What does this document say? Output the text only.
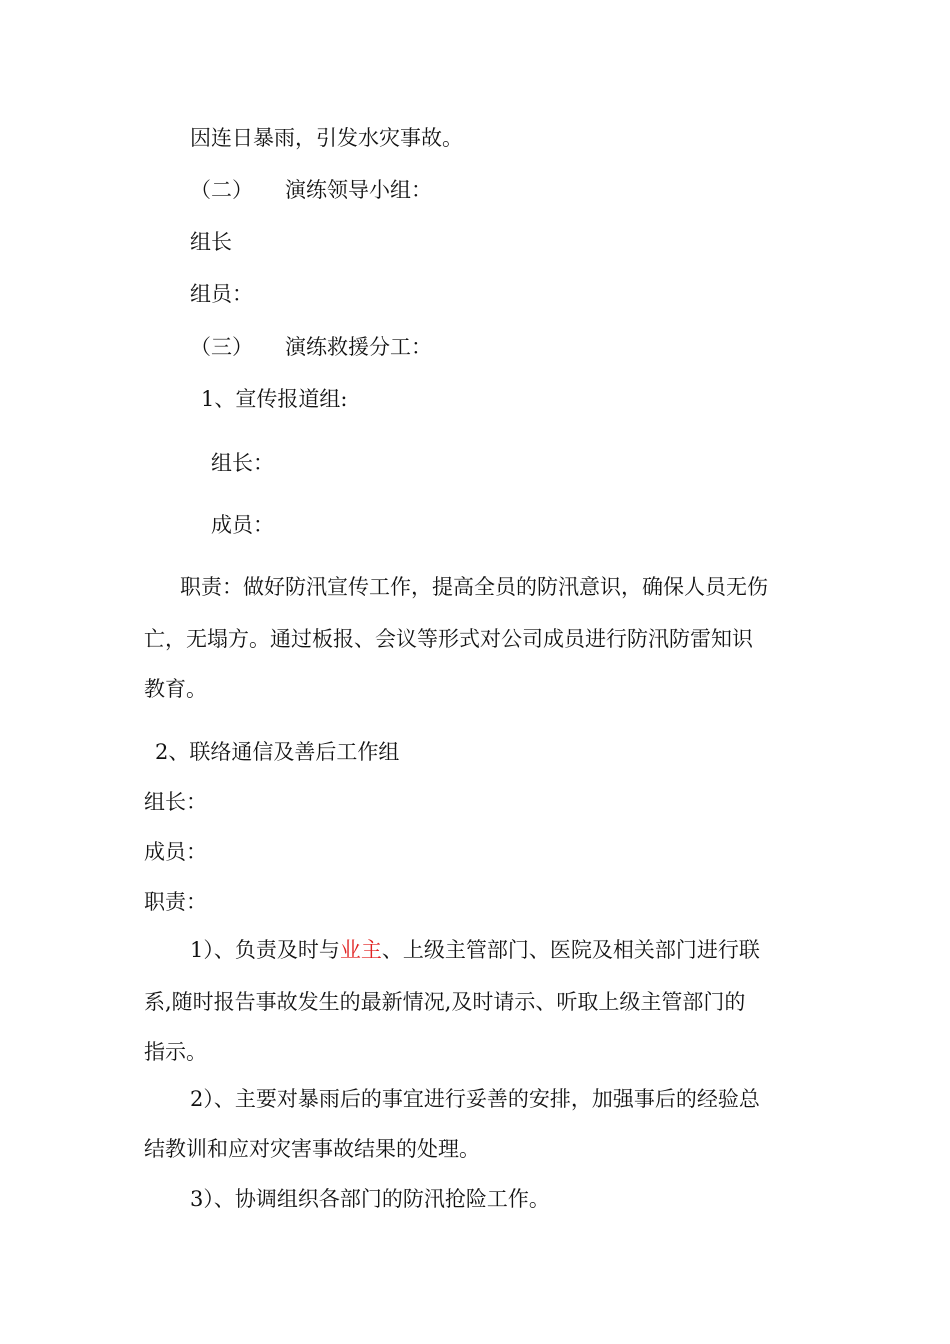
因连日暴雨，引发水灾事故。
（二） 演练领导小组：
组长
组员：
（三） 演练救援分工：
1、宣传报道组:
组长：
成员：
职责：做好防汛宣传工作，提高全员的防汛意识，确保人员无伤
亡，无塌方。通过板报、会议等形式对公司成员进行防汛防雷知识
教育。
2、联络通信及善后工作组
组长：
成员：
职责：
1）、负责及时与业主、上级主管部门、医院及相关部门进行联
系,随时报告事故发生的最新情况,及时请示、听取上级主管部门的
指示。
2）、主要对暴雨后的事宜进行妥善的安排，加强事后的经验总
结教训和应对灾害事故结果的处理。
3）、协调组织各部门的防汛抢险工作。
